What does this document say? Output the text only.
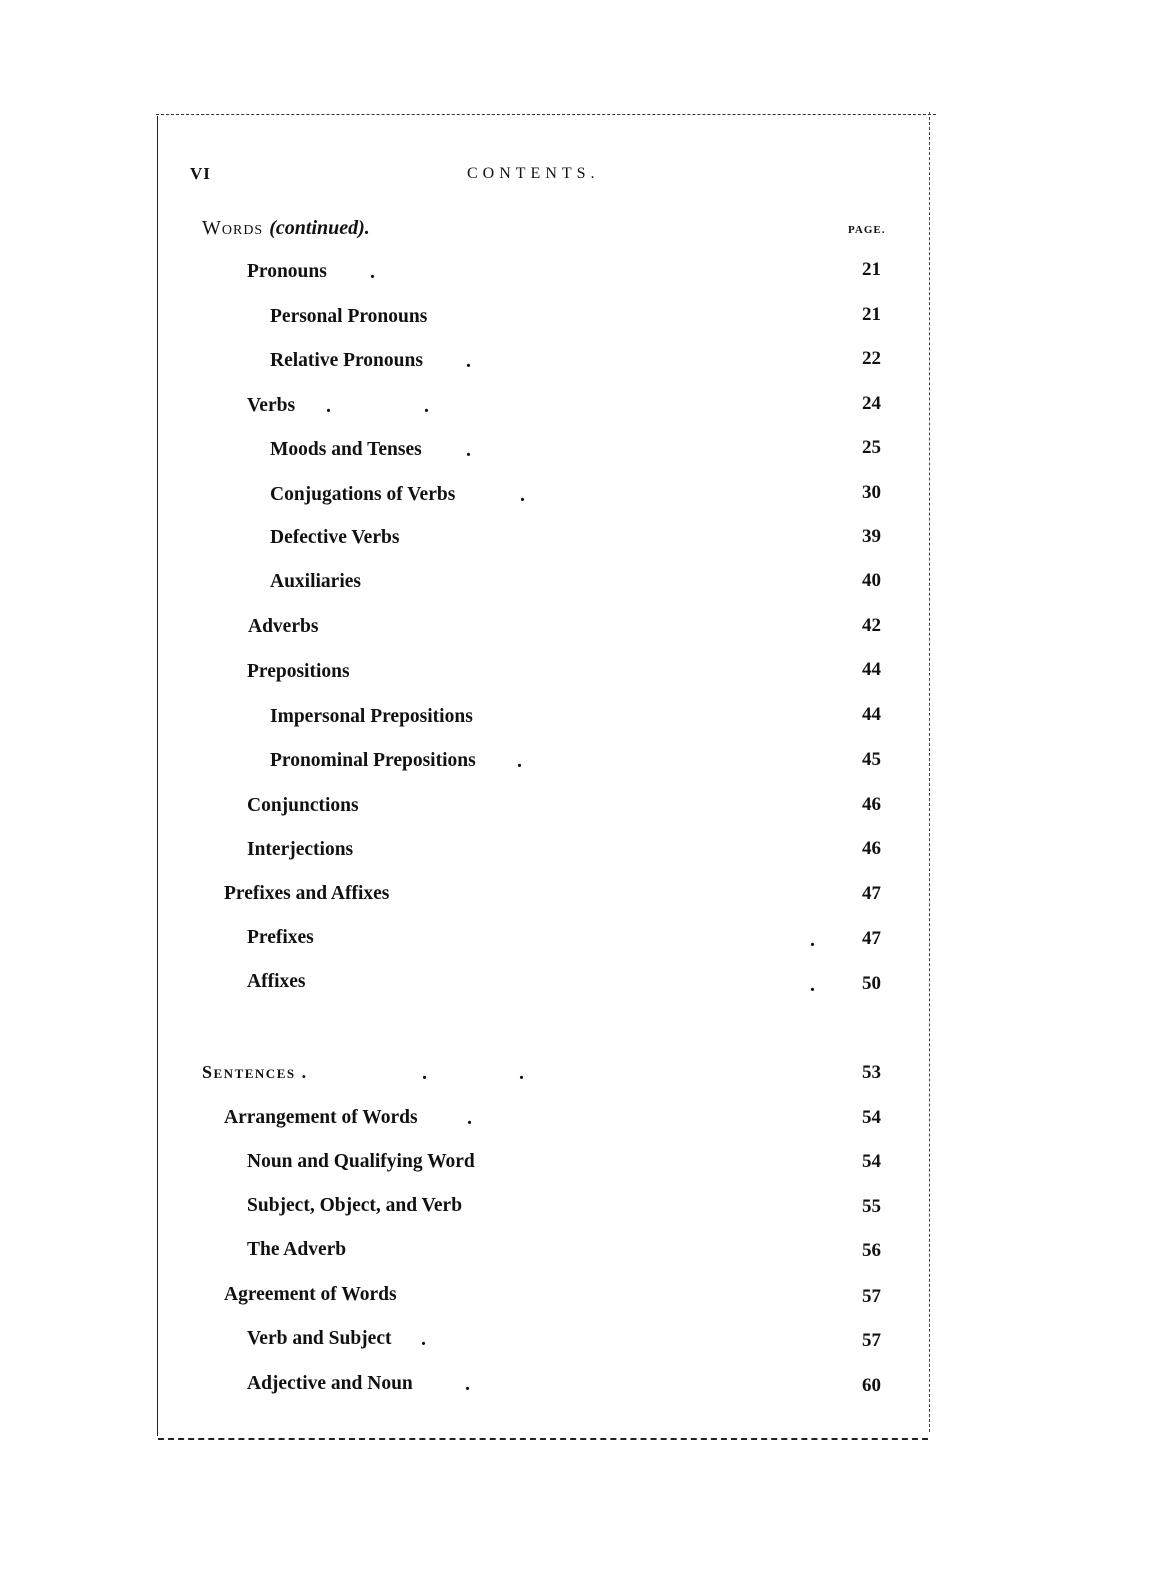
VI	CONTENTS.
Words (continued).	PAGE.
Pronouns .	21
Personal Pronouns	21
Relative Pronouns .	22
Verbs .	.	24
Moods and Tenses .	25
Conjugations of Verbs	.	30
Defective Verbs	39
Auxiliaries	40
Adverbs	42
Prepositions	44
Impersonal Prepositions	44
Pronominal Prepositions .	45
Conjunctions	46
Interjections	46
Prefixes and Affixes	47
Prefixes	. 47
Affixes	. 50
Sentences .	.	.	53
Arrangement of Words .	54
Noun and Qualifying Word	54
Subject, Object, and Verb	55
The Adverb	56
Agreement of Words	57
Verb and Subject .	57
Adjective and Noun	.	60
